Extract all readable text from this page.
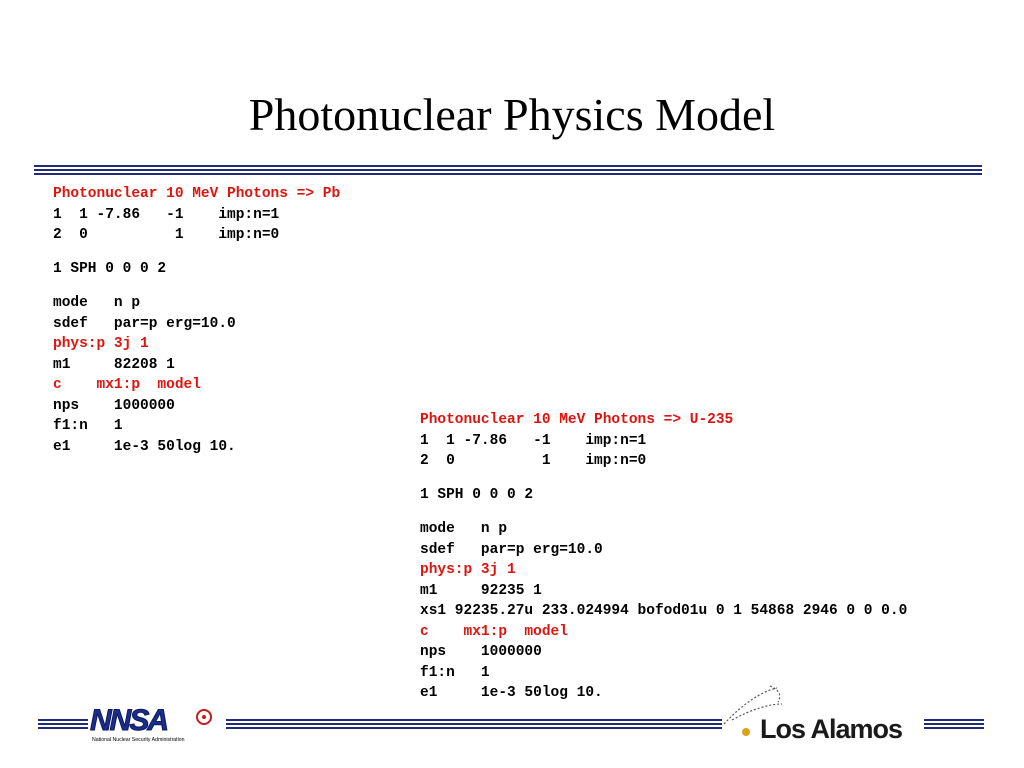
Photonuclear Physics Model
Photonuclear 10 MeV Photons => Pb
1  1 -7.86   -1    imp:n=1
2  0          1    imp:n=0
1 SPH 0 0 0 2
mode   n p
sdef   par=p erg=10.0
phys:p 3j 1
m1     82208 1
c    mx1:p  model
nps    1000000
f1:n   1
e1     1e-3 50log 10.
Photonuclear 10 MeV Photons => U-235
1  1 -7.86   -1    imp:n=1
2  0          1    imp:n=0
1 SPH 0 0 0 2
mode   n p
sdef   par=p erg=10.0
phys:p 3j 1
m1     92235 1
xs1 92235.27u 233.024994 bofod01u 0 1 54868 2946 0 0 0.0
c    mx1:p  model
nps    1000000
f1:n   1
e1     1e-3 50log 10.
NNSA
National Nuclear Security Administration	Los Alamos
